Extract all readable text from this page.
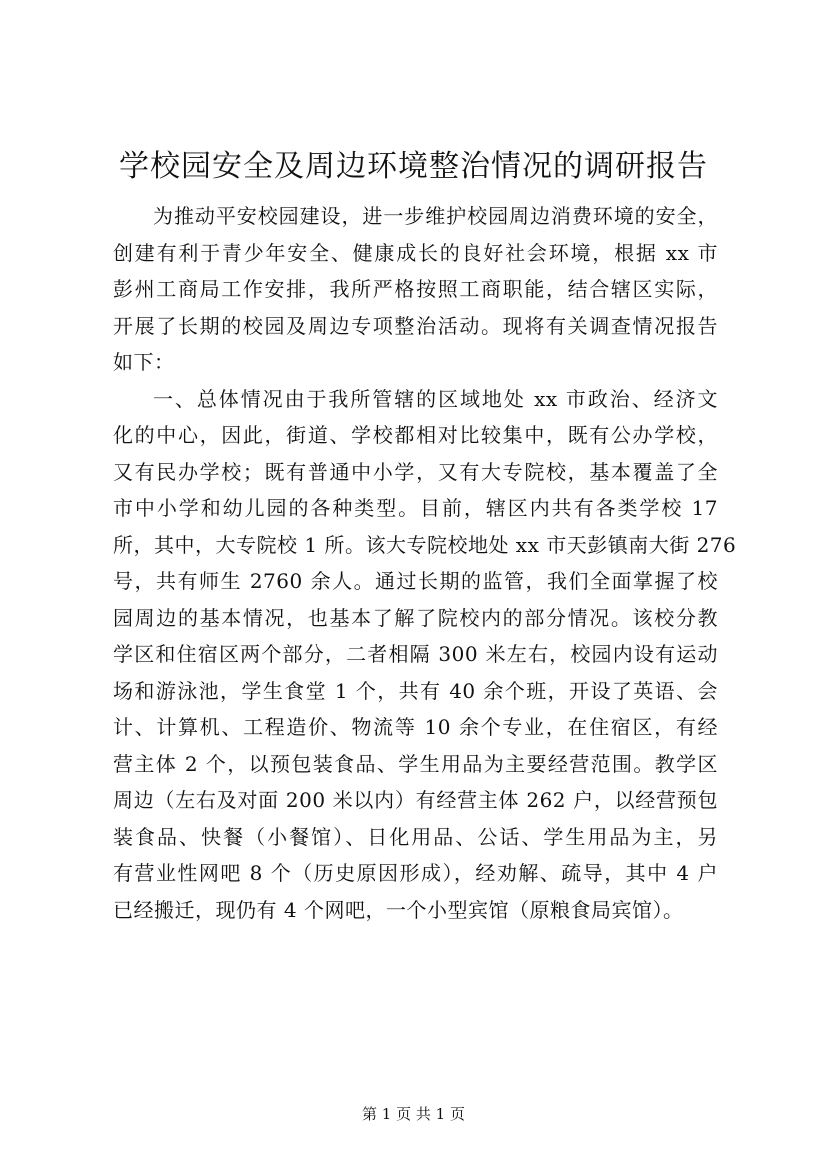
学校园安全及周边环境整治情况的调研报告
为推动平安校园建设，进一步维护校园周边消费环境的安全，
创建有利于青少年安全、健康成长的良好社会环境，根据 xx 市
彭州工商局工作安排，我所严格按照工商职能，结合辖区实际，
开展了长期的校园及周边专项整治活动。现将有关调查情况报告
如下：
一、总体情况由于我所管辖的区域地处 xx 市政治、经济文
化的中心，因此，街道、学校都相对比较集中，既有公办学校，
又有民办学校；既有普通中小学，又有大专院校，基本覆盖了全
市中小学和幼儿园的各种类型。目前，辖区内共有各类学校 17
所，其中，大专院校 1 所。该大专院校地处 xx 市天彭镇南大街 276
号，共有师生 2760 余人。通过长期的监管，我们全面掌握了校
园周边的基本情况，也基本了解了院校内的部分情况。该校分教
学区和住宿区两个部分，二者相隔 300 米左右，校园内设有运动
场和游泳池，学生食堂 1 个，共有 40 余个班，开设了英语、会
计、计算机、工程造价、物流等 10 余个专业，在住宿区，有经
营主体 2 个，以预包装食品、学生用品为主要经营范围。教学区
周边（左右及对面 200 米以内）有经营主体 262 户，以经营预包
装食品、快餐（小餐馆）、日化用品、公话、学生用品为主，另
有营业性网吧 8 个（历史原因形成），经劝解、疏导，其中 4 户
已经搬迁，现仍有 4 个网吧，一个小型宾馆（原粮食局宾馆）。
第 1 页 共 1 页
